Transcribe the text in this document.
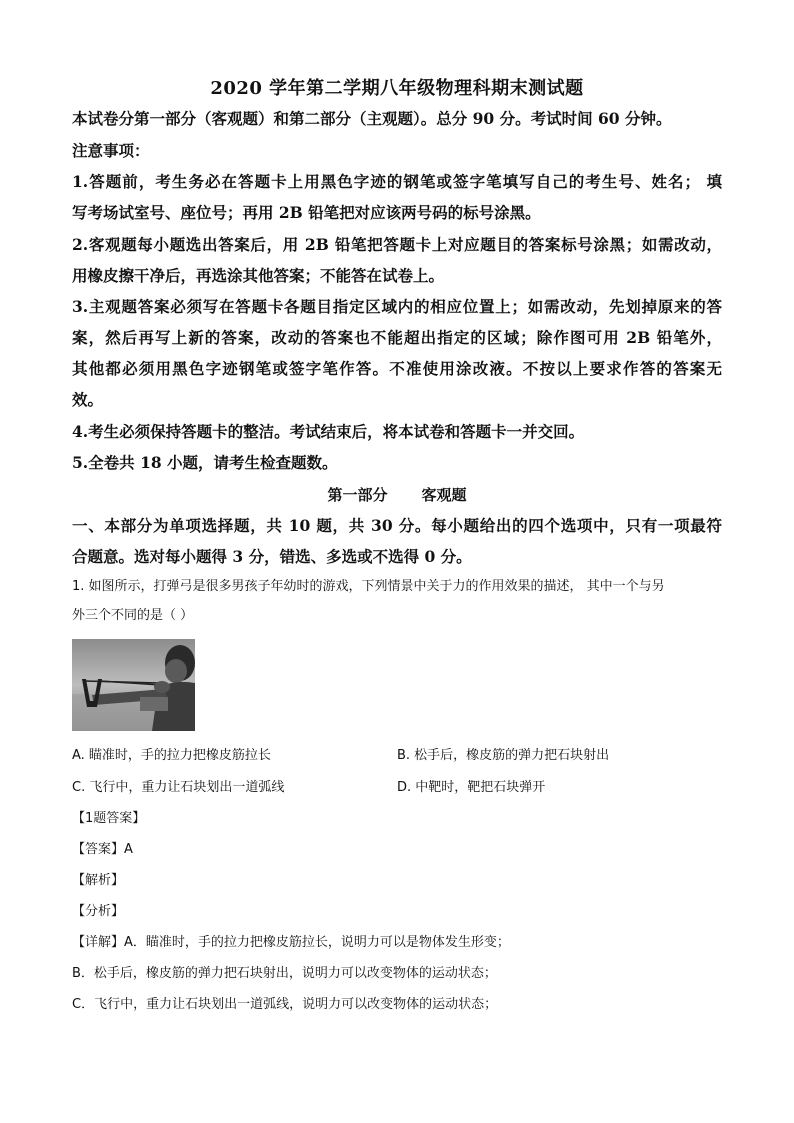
2020 学年第二学期八年级物理科期末测试题
本试卷分第一部分（客观题）和第二部分（主观题）。总分 90 分。考试时间 60 分钟。
注意事项：
1.答题前，考生务必在答题卡上用黑色字迹的钢笔或签字笔填写自己的考生号、姓名； 填
写考场试室号、座位号；再用 2B 铅笔把对应该两号码的标号涂黑。
2.客观题每小题选出答案后，用 2B 铅笔把答题卡上对应题目的答案标号涂黑；如需改动，
用橡皮擦干净后，再选涂其他答案；不能答在试卷上。
3.主观题答案必须写在答题卡各题目指定区域内的相应位置上；如需改动，先划掉原来的答
案，然后再写上新的答案，改动的答案也不能超出指定的区域；除作图可用 2B 铅笔外，
其他都必须用黑色字迹钢笔或签字笔作答。不准使用涂改液。不按以上要求作答的答案无
效。
4.考生必须保持答题卡的整洁。考试结束后，将本试卷和答题卡一并交回。
5.全卷共 18 小题，请考生检查题数。
第一部分 客观题
一、本部分为单项选择题，共 10 题，共 30 分。每小题给出的四个选项中，只有一项最符
合题意。选对每小题得 3 分，错选、多选或不选得 0 分。
1. 如图所示，打弹弓是很多男孩子年幼时的游戏，下列情景中关于力的作用效果的描述， 其中一个与另
外三个不同的是（ ）
A. 瞄准时，手的拉力把橡皮筋拉长	B. 松手后，橡皮筋的弹力把石块射出
C. 飞行中，重力让石块划出一道弧线	D. 中靶时，靶把石块弹开
【1题答案】
【答案】A
【解析】
【分析】
【详解】A．瞄准时，手的拉力把橡皮筋拉长，说明力可以是物体发生形变；
B．松手后，橡皮筋的弹力把石块射出，说明力可以改变物体的运动状态；
C．飞行中，重力让石块划出一道弧线，说明力可以改变物体的运动状态；
